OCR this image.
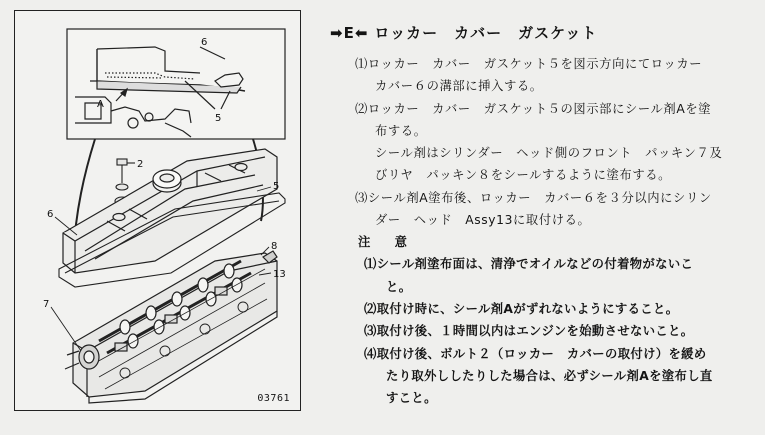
6
A
5
2
5
6
8
13
7
03761
➡E⬅ ロッカー　カバー　ガスケット
⑴ロッカー　カバー　ガスケット５を図示方向にてロッカー
カバー６の溝部に挿入する。
⑵ロッカー　カバー　ガスケット５の図示部にシール剤Aを塗
布する。
シール剤はシリンダー　ヘッド側のフロント　パッキン７及
びリヤ　パッキン８をシールするように塗布する。
⑶シール剤A塗布後、ロッカー　カバー６を３分以内にシリン
ダー　ヘッド　Assy13に取付ける。
注　意
⑴シール剤塗布面は、清浄でオイルなどの付着物がないこ
と。
⑵取付け時に、シール剤Aがずれないようにすること。
⑶取付け後、１時間以内はエンジンを始動させないこと。
⑷取付け後、ボルト２（ロッカー　カバーの取付け）を緩め
たり取外ししたりした場合は、必ずシール剤Aを塗布し直
すこと。
